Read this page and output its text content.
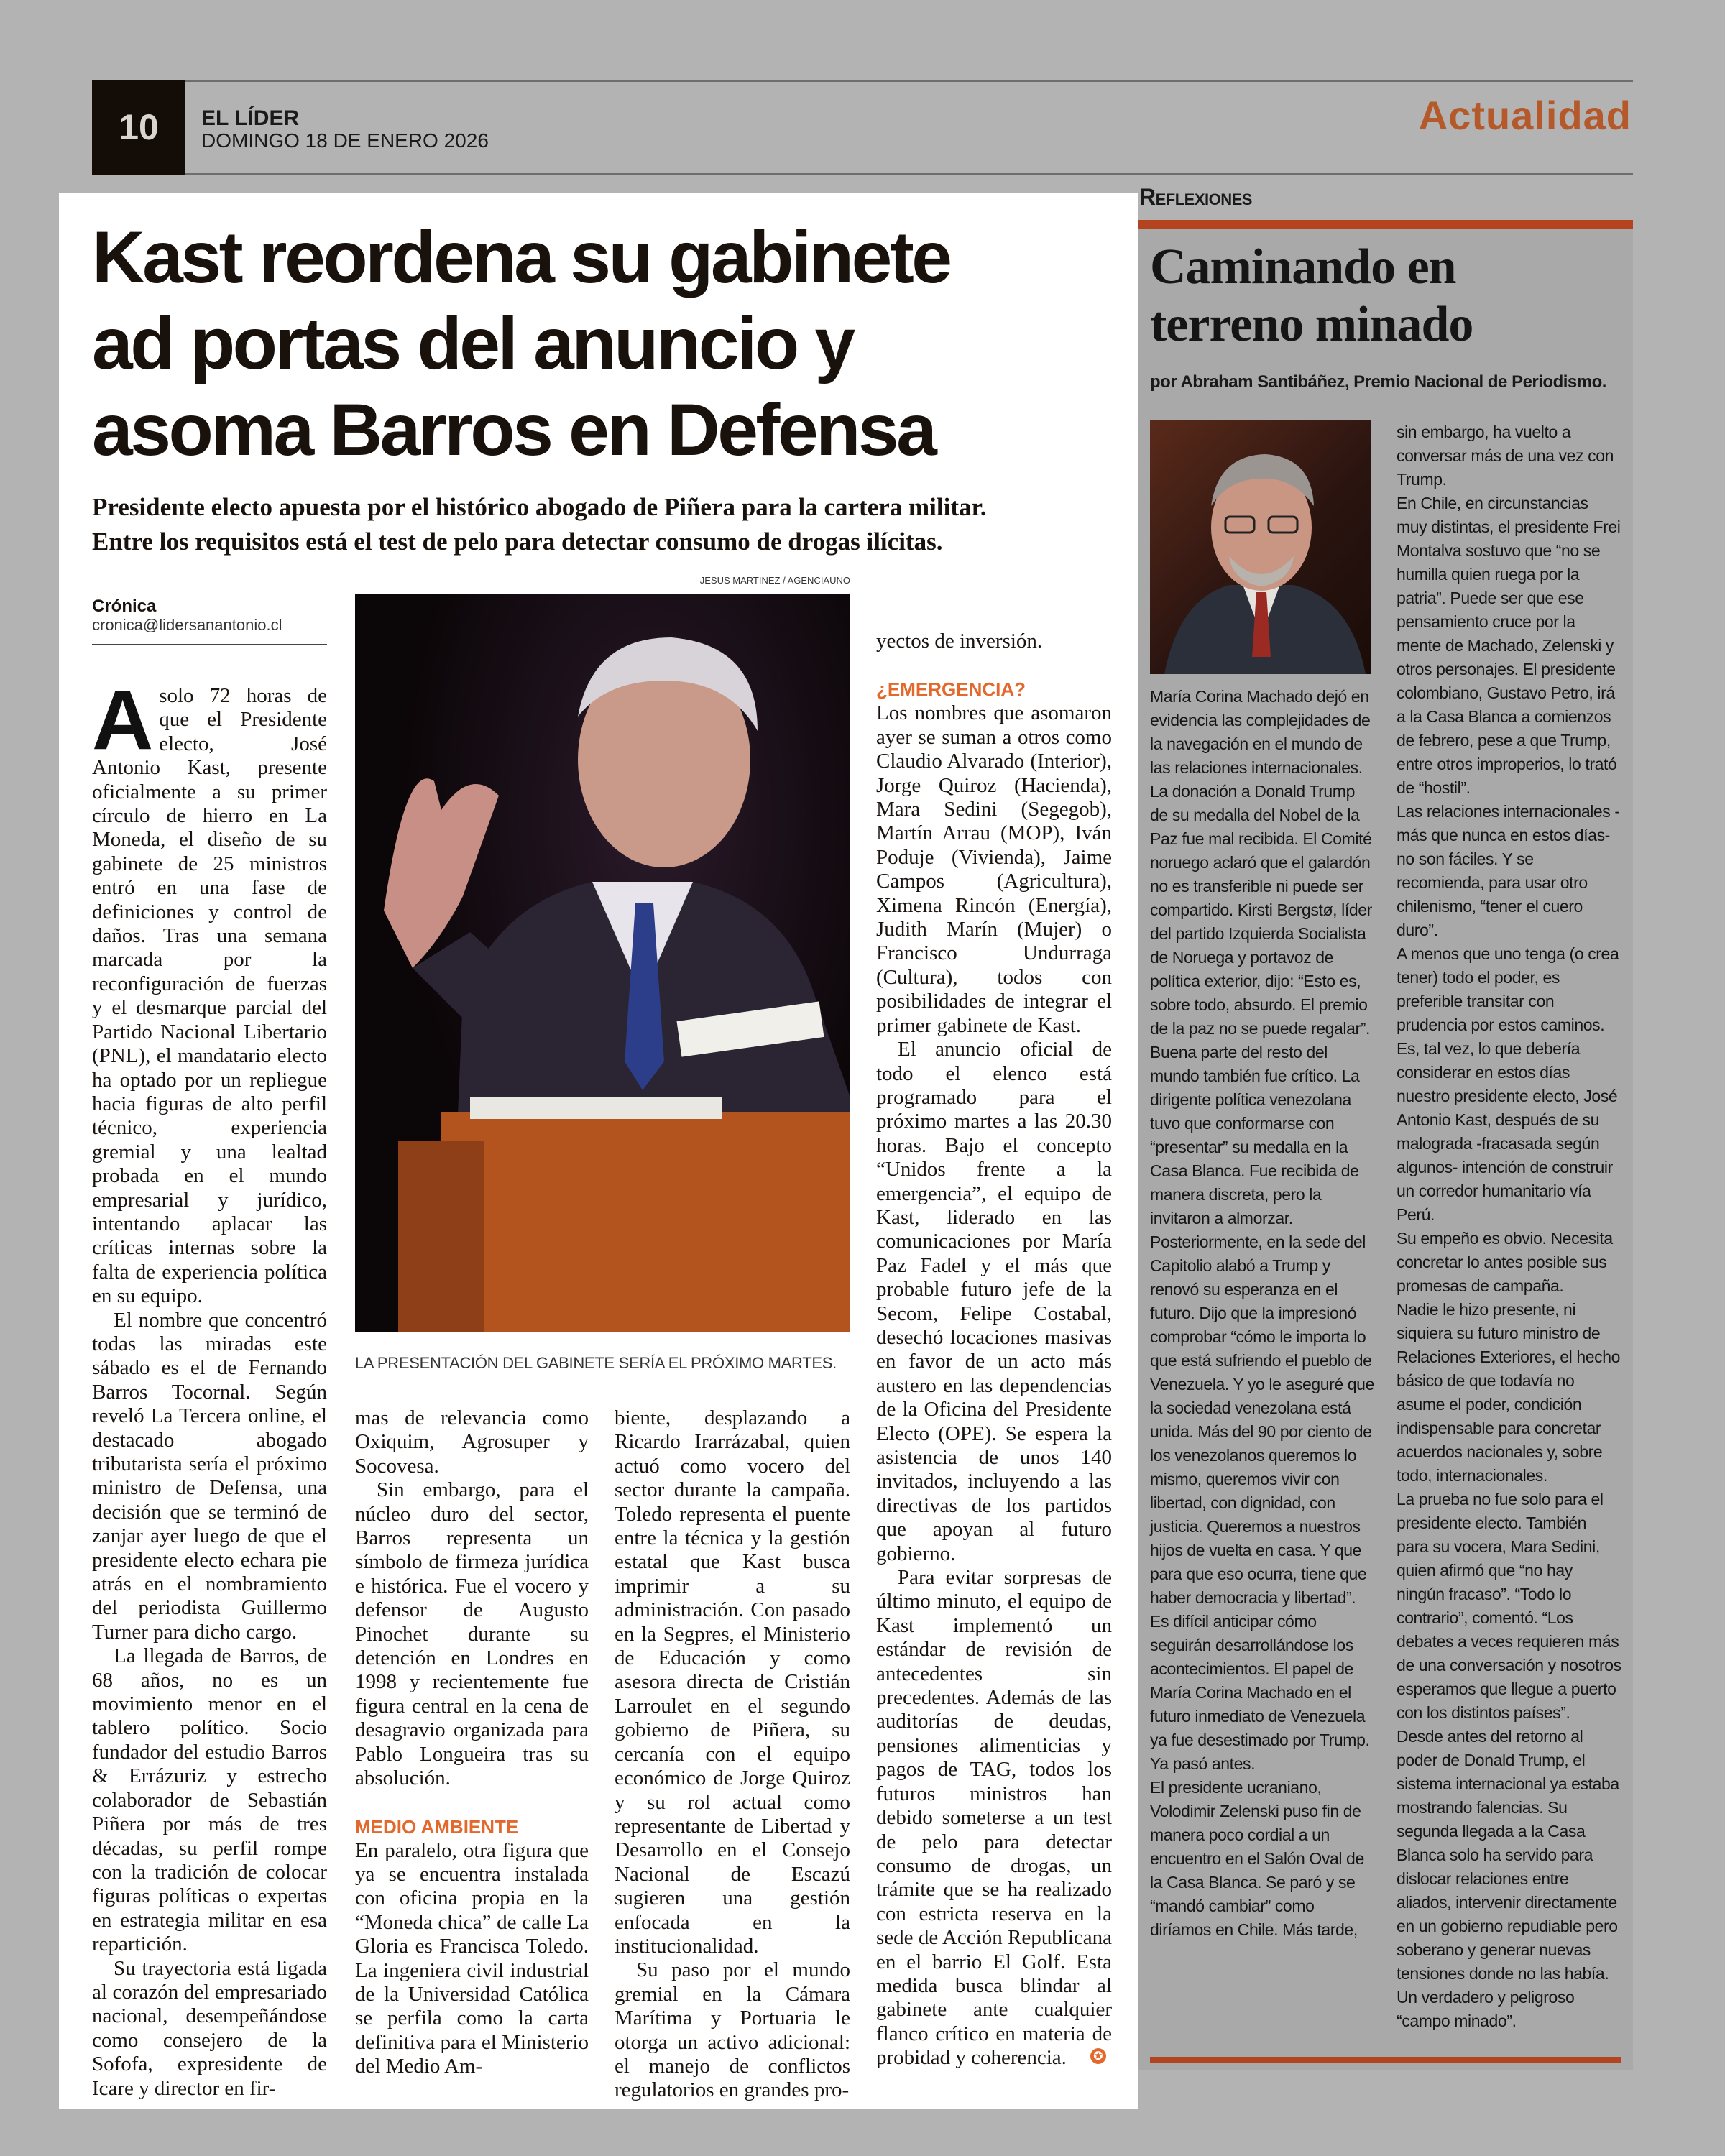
10	EL LÍDER
DOMINGO 18 DE ENERO 2026
Actualidad
Kast reordena su gabinete
ad portas del anuncio y
asoma Barros en Defensa
Presidente electo apuesta por el histórico abogado de Piñera para la cartera militar.
Entre los requisitos está el test de pelo para detectar consumo de drogas ilícitas.
JESUS MARTINEZ / AGENCIAUNO
Crónica
cronica@lidersanantonio.cl
LA PRESENTACIÓN DEL GABINETE SERÍA EL PRÓXIMO MARTES.

Asolo 72 horas de que el Presidente electo, José Antonio Kast, presente oficialmente a su primer círculo de hierro en La Moneda, el diseño de su gabinete de 25 ministros entró en una fase de definiciones y control de daños. Tras una semana marcada por la reconfiguración de fuerzas y el desmarque parcial del Partido Nacional Libertario (PNL), el mandatario electo ha optado por un repliegue hacia figuras de alto perfil técnico, experiencia gremial y una lealtad probada en el mundo empresarial y jurídico, intentando aplacar las críticas internas sobre la falta de experiencia política en su equipo.

El nombre que concentró todas las miradas este sábado es el de Fernando Barros Tocornal. Según reveló La Tercera online, el destacado abogado tributarista sería el próximo ministro de Defensa, una decisión que se terminó de zanjar ayer luego de que el presidente electo echara pie atrás en el nombramiento del periodista Guillermo Turner para dicho cargo.

La llegada de Barros, de 68 años, no es un movimiento menor en el tablero político. Socio fundador del estudio Barros & Errázuriz y estrecho colaborador de Sebastián Piñera por más de tres décadas, su perfil rompe con la tradición de colocar figuras políticas o expertas en estrategia militar en esa repartición.

Su trayectoria está ligada al corazón del empresariado nacional, desempeñándose como consejero de la Sofofa, expresidente de Icare y director en fir-

mas de relevancia como Oxiquim, Agrosuper y Socovesa.

Sin embargo, para el núcleo duro del sector, Barros representa un símbolo de firmeza jurídica e histórica. Fue el vocero y defensor de Augusto Pinochet durante su detención en Londres en 1998 y recientemente fue figura central en la cena de desagravio organizada para Pablo Longueira tras su absolución.

MEDIO AMBIENTE

En paralelo, otra figura que ya se encuentra instalada con oficina propia en la “Moneda chica” de calle La Gloria es Francisca Toledo. La ingeniera civil industrial de la Universidad Católica se perfila como la carta definitiva para el Ministerio del Medio Am-

biente, desplazando a Ricardo Irarrázabal, quien actuó como vocero del sector durante la campaña. Toledo representa el puente entre la técnica y la gestión estatal que Kast busca imprimir a su administración. Con pasado en la Segpres, el Ministerio de Educación y como asesora directa de Cristián Larroulet en el segundo gobierno de Piñera, su cercanía con el equipo económico de Jorge Quiroz y su rol actual como representante de Libertad y Desarrollo en el Consejo Nacional de Escazú sugieren una gestión enfocada en la institucionalidad.

Su paso por el mundo gremial en la Cámara Marítima y Portuaria le otorga un activo adicional: el manejo de conflictos regulatorios en grandes pro-

yectos de inversión.

¿EMERGENCIA?

Los nombres que asomaron ayer se suman a otros como Claudio Alvarado (Interior), Jorge Quiroz (Hacienda), Mara Sedini (Segegob), Martín Arrau (MOP), Iván Poduje (Vivienda), Jaime Campos (Agricultura), Ximena Rincón (Energía), Judith Marín (Mujer) o Francisco Undurraga (Cultura), todos con posibilidades de integrar el primer gabinete de Kast.

El anuncio oficial de todo el elenco está programado para el próximo martes a las 20.30 horas. Bajo el concepto “Unidos frente a la emergencia”, el equipo de Kast, liderado en las comunicaciones por María Paz Fadel y el más que probable futuro jefe de la Secom, Felipe Costabal, desechó locaciones masivas en favor de un acto más austero en las dependencias de la Oficina del Presidente Electo (OPE). Se espera la asistencia de unos 140 invitados, incluyendo a las directivas de los partidos que apoyan al futuro gobierno.

Para evitar sorpresas de último minuto, el equipo de Kast implementó un estándar de revisión de antecedentes sin precedentes. Además de las auditorías de deudas, pensiones alimenticias y pagos de TAG, todos los futuros ministros han debido someterse a un test de pelo para detectar consumo de drogas, un trámite que se ha realizado con estricta reserva en la sede de Acción Republicana en el barrio El Golf. Esta medida busca blindar al gabinete ante cualquier flanco crítico en materia de probidad y coherencia.	✪
Reflexiones
Caminando en
terreno minado
por Abraham Santibáñez, Premio Nacional de Periodismo.

María Corina Machado dejó en evidencia las complejidades de la navegación en el mundo de las relaciones internacionales. La donación a Donald Trump de su medalla del Nobel de la Paz fue mal recibida. El Comité noruego aclaró que el galardón no es transferible ni puede ser compartido. Kirsti Bergstø, líder del partido Izquierda Socialista de Noruega y portavoz de política exterior, dijo: “Esto es, sobre todo, absurdo. El premio de la paz no se puede regalar”.

Buena parte del resto del mundo también fue crítico. La dirigente política venezolana tuvo que conformarse con “presentar” su medalla en la Casa Blanca. Fue recibida de manera discreta, pero la invitaron a almorzar. Posteriormente, en la sede del Capitolio alabó a Trump y renovó su esperanza en el futuro. Dijo que la impresionó comprobar “cómo le importa lo que está sufriendo el pueblo de Venezuela. Y yo le aseguré que la sociedad venezolana está unida. Más del 90 por ciento de los venezolanos queremos lo mismo, queremos vivir con libertad, con dignidad, con justicia. Queremos a nuestros hijos de vuelta en casa. Y que para que eso ocurra, tiene que haber democracia y libertad”.

Es difícil anticipar cómo seguirán desarrollándose los acontecimientos. El papel de María Corina Machado en el futuro inmediato de Venezuela ya fue desestimado por Trump.

Ya pasó antes.

El presidente ucraniano, Volodimir Zelenski puso fin de manera poco cordial a un encuentro en el Salón Oval de la Casa Blanca. Se paró y se “mandó cambiar” como diríamos en Chile. Más tarde,

sin embargo, ha vuelto a conversar más de una vez con Trump.

En Chile, en circunstancias muy distintas, el presidente Frei Montalva sostuvo que “no se humilla quien ruega por la patria”. Puede ser que ese pensamiento cruce por la mente de Machado, Zelenski y otros personajes. El presidente colombiano, Gustavo Petro, irá a la Casa Blanca a comienzos de febrero, pese a que Trump, entre otros improperios, lo trató de “hostil”.

Las relaciones internacionales -más que nunca en estos días- no son fáciles. Y se recomienda, para usar otro chilenismo, “tener el cuero duro”.

A menos que uno tenga (o crea tener) todo el poder, es preferible transitar con prudencia por estos caminos.

Es, tal vez, lo que debería considerar en estos días nuestro presidente electo, José Antonio Kast, después de su malograda -fracasada según algunos- intención de construir un corredor humanitario vía Perú.

Su empeño es obvio. Necesita concretar lo antes posible sus promesas de campaña.

Nadie le hizo presente, ni siquiera su futuro ministro de Relaciones Exteriores, el hecho básico de que todavía no asume el poder, condición indispensable para concretar acuerdos nacionales y, sobre todo, internacionales.

La prueba no fue solo para el presidente electo. También para su vocera, Mara Sedini, quien afirmó que “no hay ningún fracaso”. “Todo lo contrario”, comentó. “Los debates a veces requieren más de una conversación y nosotros esperamos que llegue a puerto con los distintos países”.

Desde antes del retorno al poder de Donald Trump, el sistema internacional ya estaba mostrando falencias. Su segunda llegada a la Casa Blanca solo ha servido para dislocar relaciones entre aliados, intervenir directamente en un gobierno repudiable pero soberano y generar nuevas tensiones donde no las había.

Un verdadero y peligroso “campo minado”.
